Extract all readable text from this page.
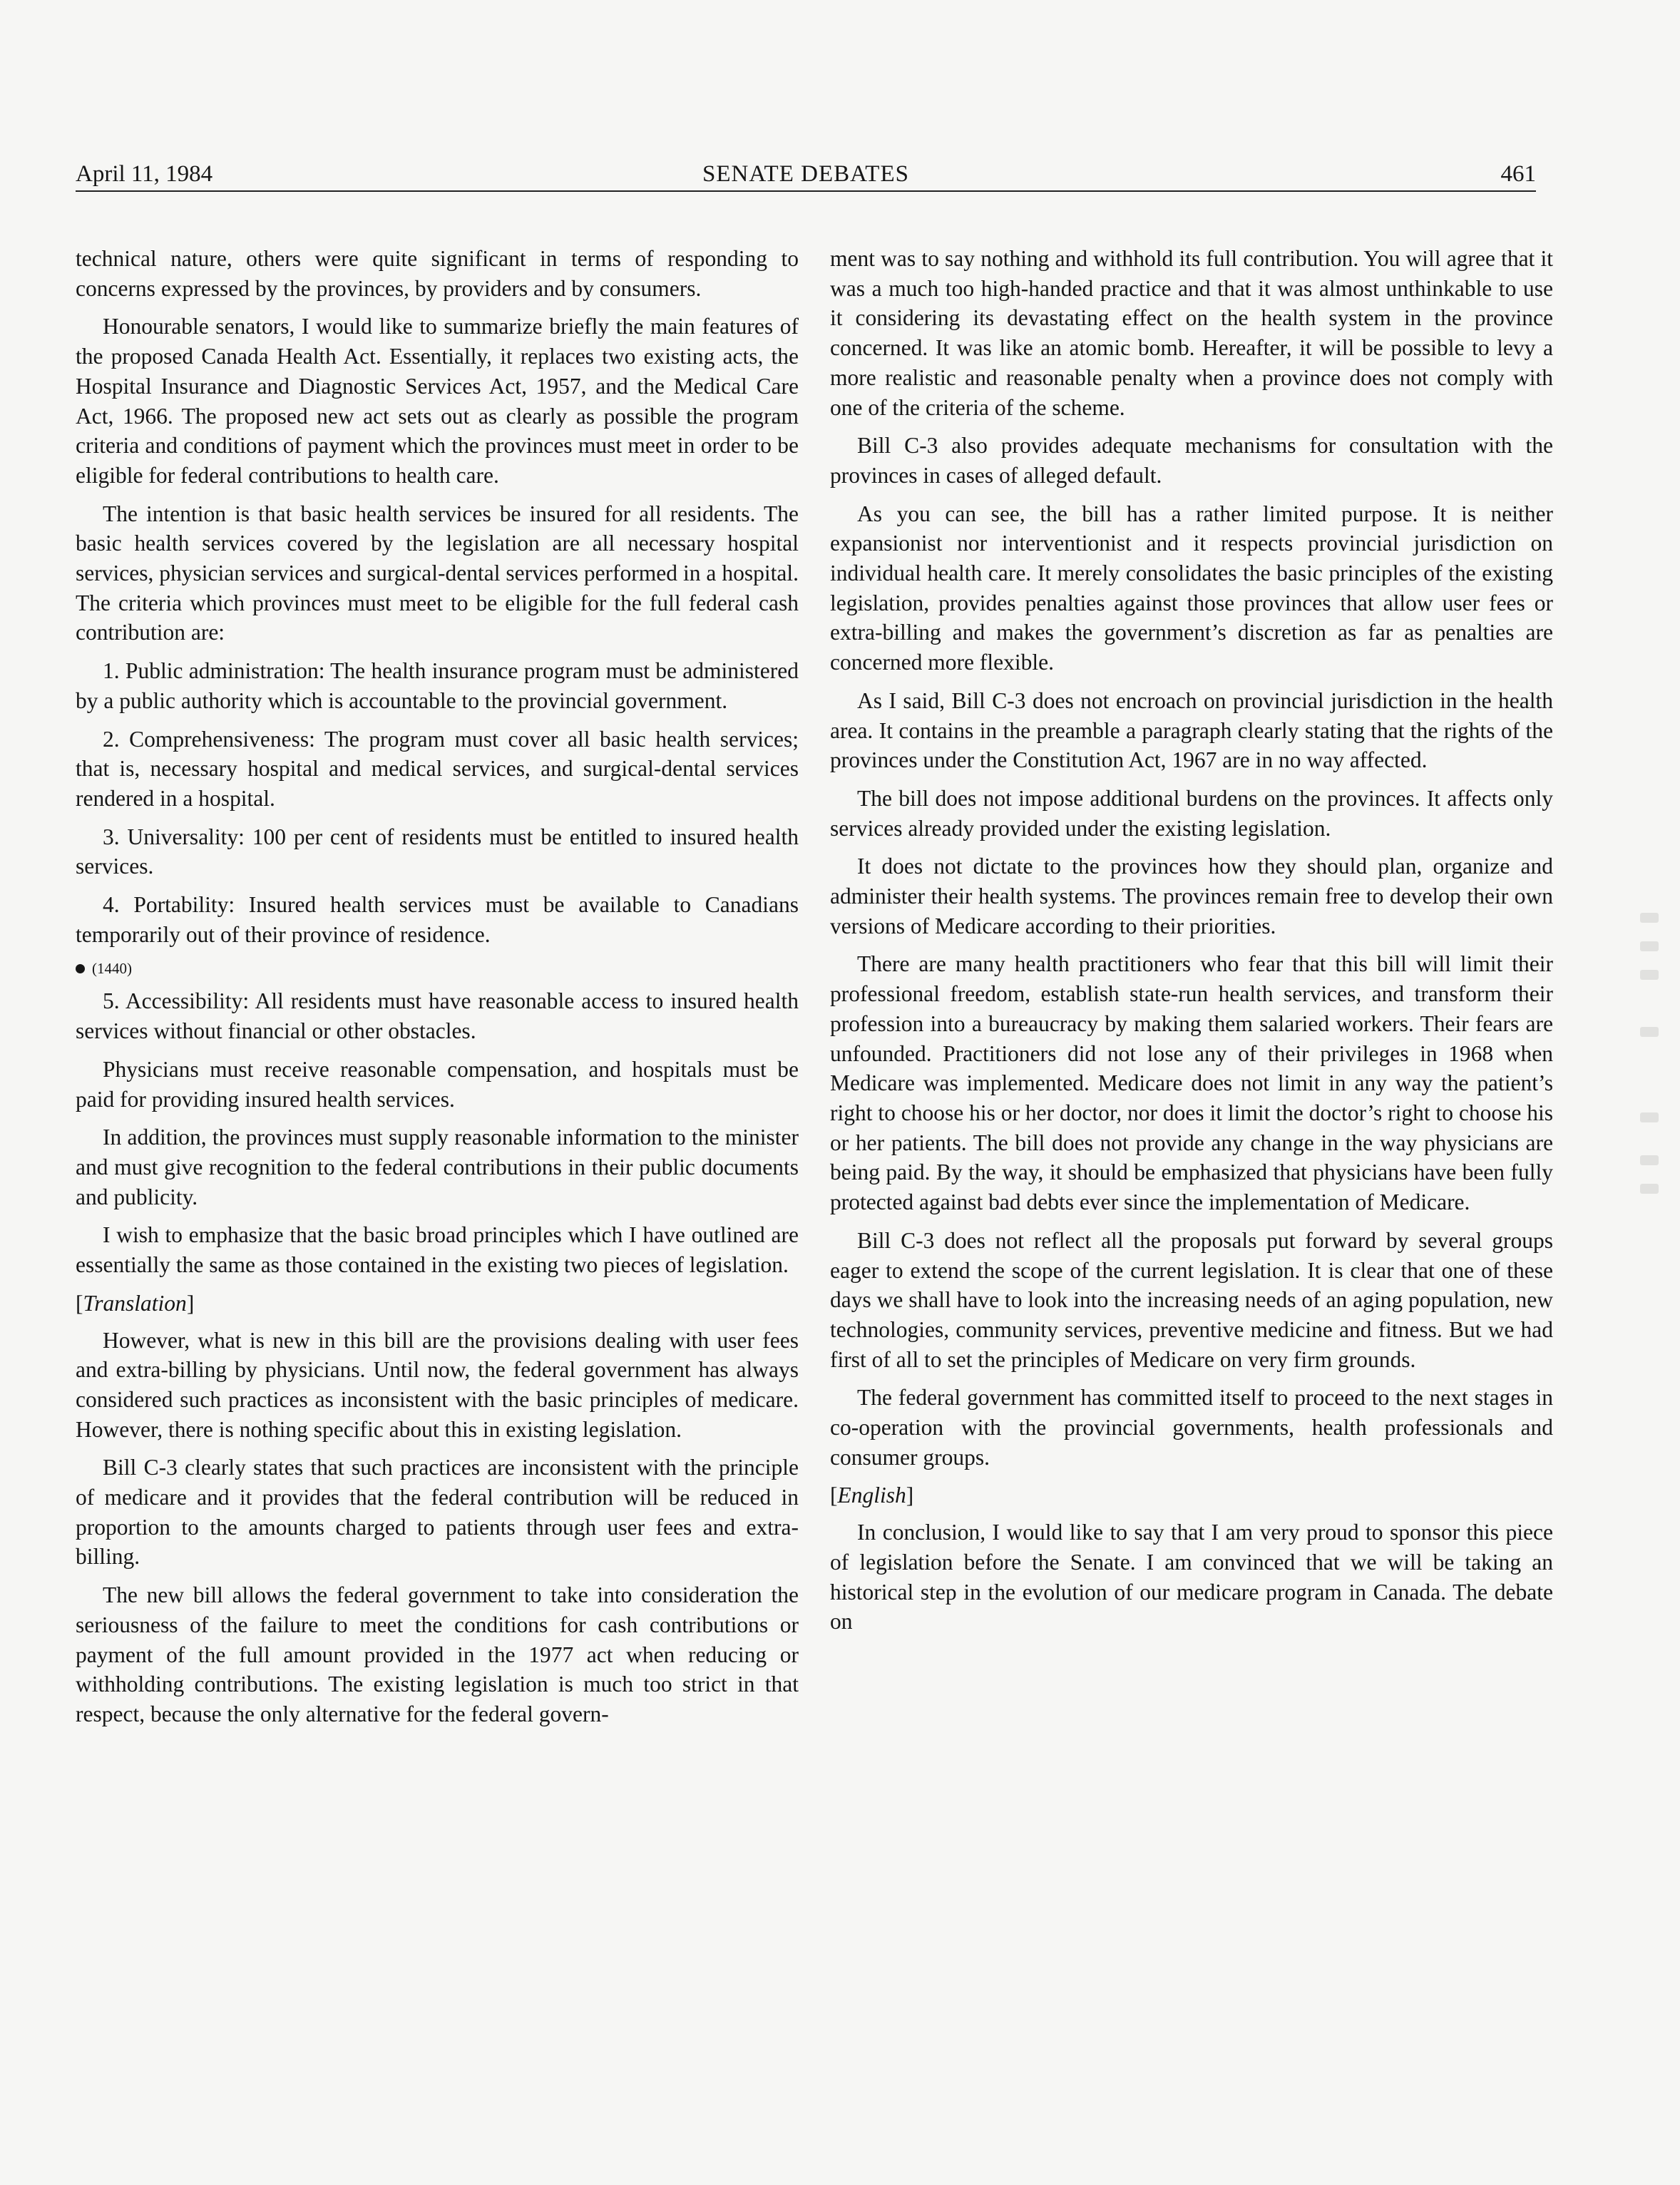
April 11, 1984	SENATE DEBATES	461

technical nature, others were quite significant in terms of responding to concerns expressed by the provinces, by providers and by consumers.

Honourable senators, I would like to summarize briefly the main features of the proposed Canada Health Act. Essentially, it replaces two existing acts, the Hospital Insurance and Diagnostic Services Act, 1957, and the Medical Care Act, 1966. The proposed new act sets out as clearly as possible the program criteria and conditions of payment which the provinces must meet in order to be eligible for federal contributions to health care.

The intention is that basic health services be insured for all residents. The basic health services covered by the legislation are all necessary hospital services, physician services and surgical-dental services performed in a hospital. The criteria which provinces must meet to be eligible for the full federal cash contribution are:

1. Public administration: The health insurance program must be administered by a public authority which is accountable to the provincial government.

2. Comprehensiveness: The program must cover all basic health services; that is, necessary hospital and medical services, and surgical-dental services rendered in a hospital.

3. Universality: 100 per cent of residents must be entitled to insured health services.

4. Portability: Insured health services must be available to Canadians temporarily out of their province of residence.

(1440)

5. Accessibility: All residents must have reasonable access to insured health services without financial or other obstacles.

Physicians must receive reasonable compensation, and hospitals must be paid for providing insured health services.

In addition, the provinces must supply reasonable information to the minister and must give recognition to the federal contributions in their public documents and publicity.

I wish to emphasize that the basic broad principles which I have outlined are essentially the same as those contained in the existing two pieces of legislation.

[Translation]

However, what is new in this bill are the provisions dealing with user fees and extra-billing by physicians. Until now, the federal government has always considered such practices as inconsistent with the basic principles of medicare. However, there is nothing specific about this in existing legislation.

Bill C-3 clearly states that such practices are inconsistent with the principle of medicare and it provides that the federal contribution will be reduced in proportion to the amounts charged to patients through user fees and extra-billing.

The new bill allows the federal government to take into consideration the seriousness of the failure to meet the conditions for cash contributions or payment of the full amount provided in the 1977 act when reducing or withholding contributions. The existing legislation is much too strict in that respect, because the only alternative for the federal govern-

ment was to say nothing and withhold its full contribution. You will agree that it was a much too high-handed practice and that it was almost unthinkable to use it considering its devastating effect on the health system in the province concerned. It was like an atomic bomb. Hereafter, it will be possible to levy a more realistic and reasonable penalty when a province does not comply with one of the criteria of the scheme.

Bill C-3 also provides adequate mechanisms for consultation with the provinces in cases of alleged default.

As you can see, the bill has a rather limited purpose. It is neither expansionist nor interventionist and it respects provincial jurisdiction on individual health care. It merely consolidates the basic principles of the existing legislation, provides penalties against those provinces that allow user fees or extra-billing and makes the government’s discretion as far as penalties are concerned more flexible.

As I said, Bill C-3 does not encroach on provincial jurisdiction in the health area. It contains in the preamble a paragraph clearly stating that the rights of the provinces under the Constitution Act, 1967 are in no way affected.

The bill does not impose additional burdens on the provinces. It affects only services already provided under the existing legislation.

It does not dictate to the provinces how they should plan, organize and administer their health systems. The provinces remain free to develop their own versions of Medicare according to their priorities.

There are many health practitioners who fear that this bill will limit their professional freedom, establish state-run health services, and transform their profession into a bureaucracy by making them salaried workers. Their fears are unfounded. Practitioners did not lose any of their privileges in 1968 when Medicare was implemented. Medicare does not limit in any way the patient’s right to choose his or her doctor, nor does it limit the doctor’s right to choose his or her patients. The bill does not provide any change in the way physicians are being paid. By the way, it should be emphasized that physicians have been fully protected against bad debts ever since the implementation of Medicare.

Bill C-3 does not reflect all the proposals put forward by several groups eager to extend the scope of the current legislation. It is clear that one of these days we shall have to look into the increasing needs of an aging population, new technologies, community services, preventive medicine and fitness. But we had first of all to set the principles of Medicare on very firm grounds.

The federal government has committed itself to proceed to the next stages in co-operation with the provincial governments, health professionals and consumer groups.

[English]

In conclusion, I would like to say that I am very proud to sponsor this piece of legislation before the Senate. I am convinced that we will be taking an historical step in the evolution of our medicare program in Canada. The debate on
